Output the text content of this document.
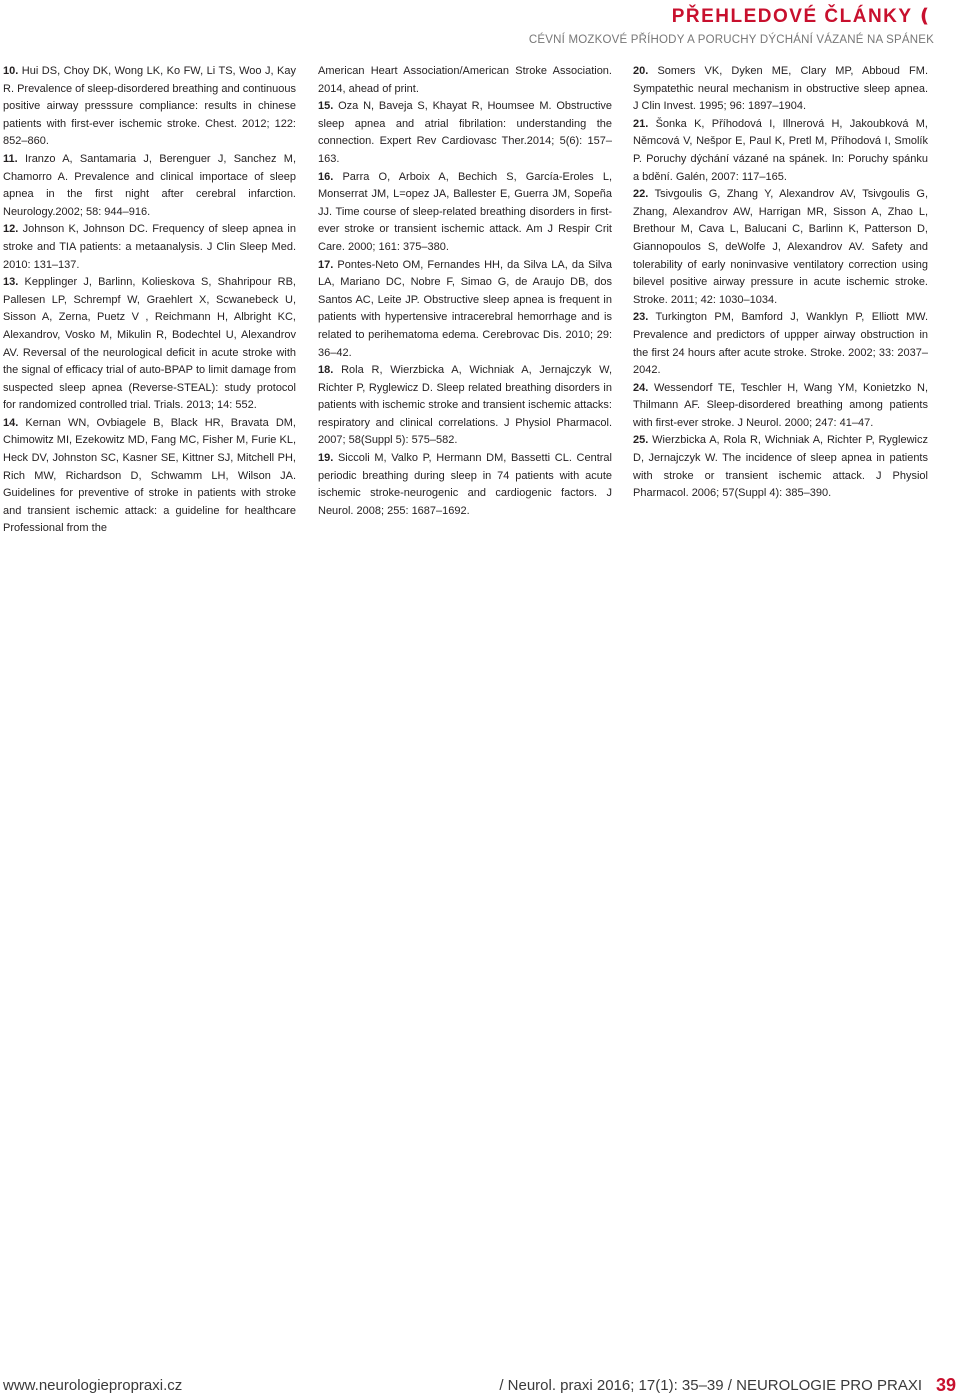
PŘEHLEDOVÉ ČLÁNKY ❪
CÉVNÍ MOZKOVÉ PŘÍHODY A PORUCHY DÝCHÁNÍ VÁZANÉ NA SPÁNEK

10. Hui DS, Choy DK, Wong LK, Ko FW, Li TS, Woo J, Kay R. Prevalence of sleep-disordered breathing and continuous positive airway presssure compliance: results in chinese patients with first-ever ischemic stroke. Chest. 2012; 122: 852–860.

11. Iranzo A, Santamaria J, Berenguer J, Sanchez M, Chamorro A. Prevalence and clinical importace of sleep apnea in the first night after cerebral infarction. Neurology.2002; 58: 944–916.

12. Johnson K, Johnson DC. Frequency of sleep apnea in stroke and TIA patients: a metaanalysis. J Clin Sleep Med. 2010: 131–137.

13. Kepplinger J, Barlinn, Kolieskova S, Shahripour RB, Pallesen LP, Schrempf W, Graehlert X, Scwanebeck U, Sisson A, Zerna, Puetz V , Reichmann H, Albright KC, Alexandrov, Vosko M, Mikulin R, Bodechtel U, Alexandrov AV. Reversal of the neurological deficit in acute stroke with the signal of efficacy trial of auto-BPAP to limit damage from suspected sleep apnea (Reverse-STEAL): study protocol for randomized controlled trial. Trials. 2013; 14: 552.

14. Kernan WN, Ovbiagele B, Black HR, Bravata DM, Chimowitz MI, Ezekowitz MD, Fang MC, Fisher M, Furie KL, Heck DV, Johnston SC, Kasner SE, Kittner SJ, Mitchell PH, Rich MW, Richardson D, Schwamm LH, Wilson JA. Guidelines for preventive of stroke in patients with stroke and transient ischemic attack: a guideline for healthcare Professional from the

American Heart Association/American Stroke Association. 2014, ahead of print.

15. Oza N, Baveja S, Khayat R, Houmsee M. Obstructive sleep apnea and atrial fibrilation: understanding the connection. Expert Rev Cardiovasc Ther.2014; 5(6): 157–163.

16. Parra O, Arboix A, Bechich S, García-Eroles L, Monserrat JM, L=opez JA, Ballester E, Guerra JM, Sopeña JJ. Time course of sleep-related breathing disorders in first-ever stroke or transient ischemic attack. Am J Respir Crit Care. 2000; 161: 375–380.

17. Pontes-Neto OM, Fernandes HH, da Silva LA, da Silva LA, Mariano DC, Nobre F, Simao G, de Araujo DB, dos Santos AC, Leite JP. Obstructive sleep apnea is frequent in patients with hypertensive intracerebral hemorrhage and is related to perihematoma edema. Cerebrovac Dis. 2010; 29: 36–42.

18. Rola R, Wierzbicka A, Wichniak A, Jernajczyk W, Richter P, Ryglewicz D. Sleep related breathing disorders in patients with ischemic stroke and transient ischemic attacks: respiratory and clinical correlations. J Physiol Pharmacol. 2007; 58(Suppl 5): 575–582.

19. Siccoli M, Valko P, Hermann DM, Bassetti CL. Central periodic breathing during sleep in 74 patients with acute ischemic stroke-neurogenic and cardiogenic factors. J Neurol. 2008; 255: 1687–1692.

20. Somers VK, Dyken ME, Clary MP, Abboud FM. Sympatethic neural mechanism in obstructive sleep apnea. J Clin Invest. 1995; 96: 1897–1904.

21. Šonka K, Příhodová I, Illnerová H, Jakoubková M, Němcová V, Nešpor E, Paul K, Pretl M, Příhodová I, Smolík P. Poruchy dýchání vázané na spánek. In: Poruchy spánku a bdění. Galén, 2007: 117–165.

22. Tsivgoulis G, Zhang Y, Alexandrov AV, Tsivgoulis G, Zhang, Alexandrov AW, Harrigan MR, Sisson A, Zhao L, Brethour M, Cava L, Balucani C, Barlinn K, Patterson D, Giannopoulos S, deWolfe J, Alexandrov AV. Safety and tolerability of early noninvasive ventilatory correction using bilevel positive airway pressure in acute ischemic stroke. Stroke. 2011; 42: 1030–1034.

23. Turkington PM, Bamford J, Wanklyn P, Elliott MW. Prevalence and predictors of uppper airway obstruction in the first 24 hours after acute stroke. Stroke. 2002; 33: 2037–2042.

24. Wessendorf TE, Teschler H, Wang YM, Konietzko N, Thilmann AF. Sleep-disordered breathing among patients with first-ever stroke. J Neurol. 2000; 247: 41–47.

25. Wierzbicka A, Rola R, Wichniak A, Richter P, Ryglewicz D, Jernajczyk W. The incidence of sleep apnea in patients with stroke or transient ischemic attack. J Physiol Pharmacol. 2006; 57(Suppl 4): 385–390.

www.neurologiepropraxi.cz	/ Neurol. praxi 2016; 17(1): 35–39 / NEUROLOGIE PRO PRAXI 39
